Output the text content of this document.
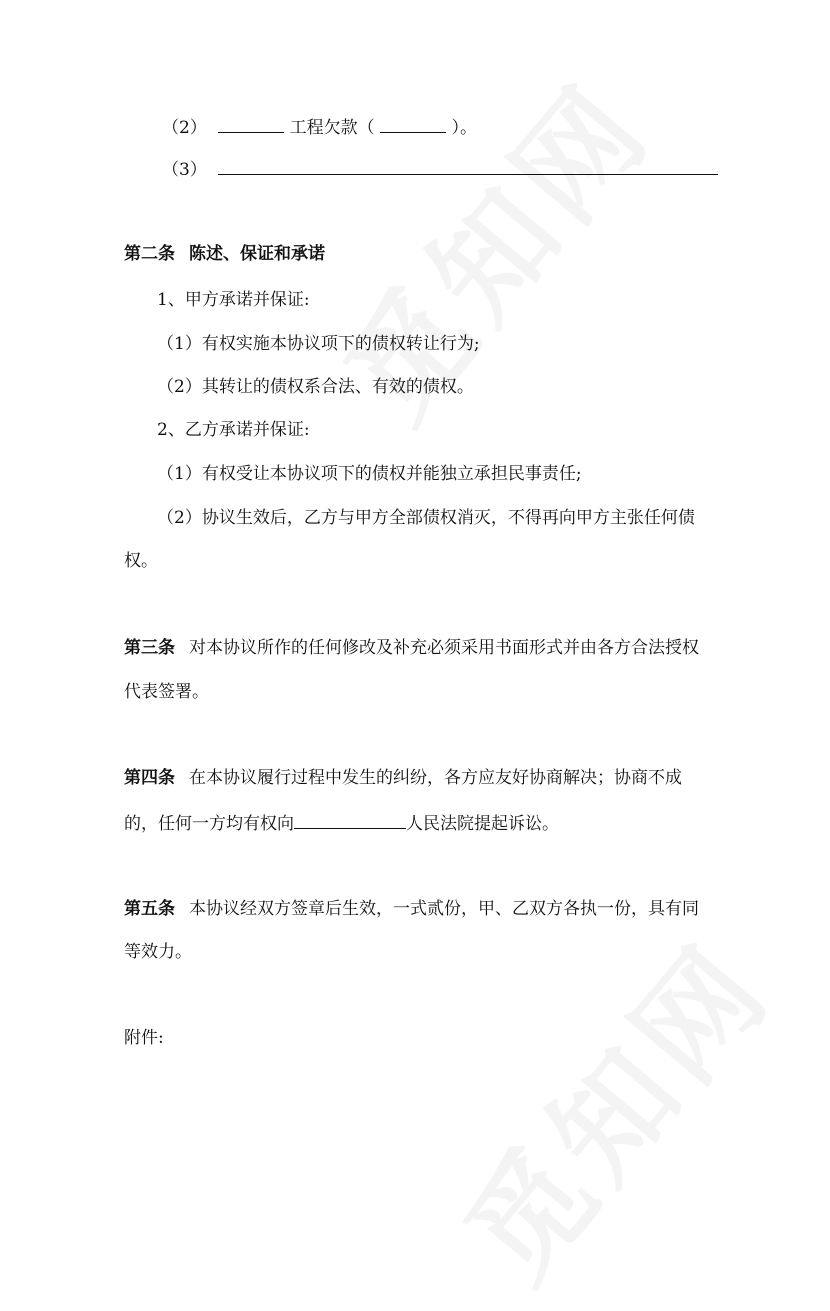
（2）	工程欠款（	）。
（3）
第二条 陈述、保证和承诺
1、甲方承诺并保证:
（1）有权实施本协议项下的债权转让行为;
（2）其转让的债权系合法、有效的债权。
2、乙方承诺并保证:
（1）有权受让本协议项下的债权并能独立承担民事责任;
（2）协议生效后，乙方与甲方全部债权消灭，不得再向甲方主张任何债
权。
第三条 对本协议所作的任何修改及补充必须采用书面形式并由各方合法授权
代表签署。
第四条 在本协议履行过程中发生的纠纷，各方应友好协商解决；协商不成
的，任何一方均有权向	人民法院提起诉讼。
第五条 本协议经双方签章后生效，一式贰份，甲、乙双方各执一份，具有同
等效力。
附件:
